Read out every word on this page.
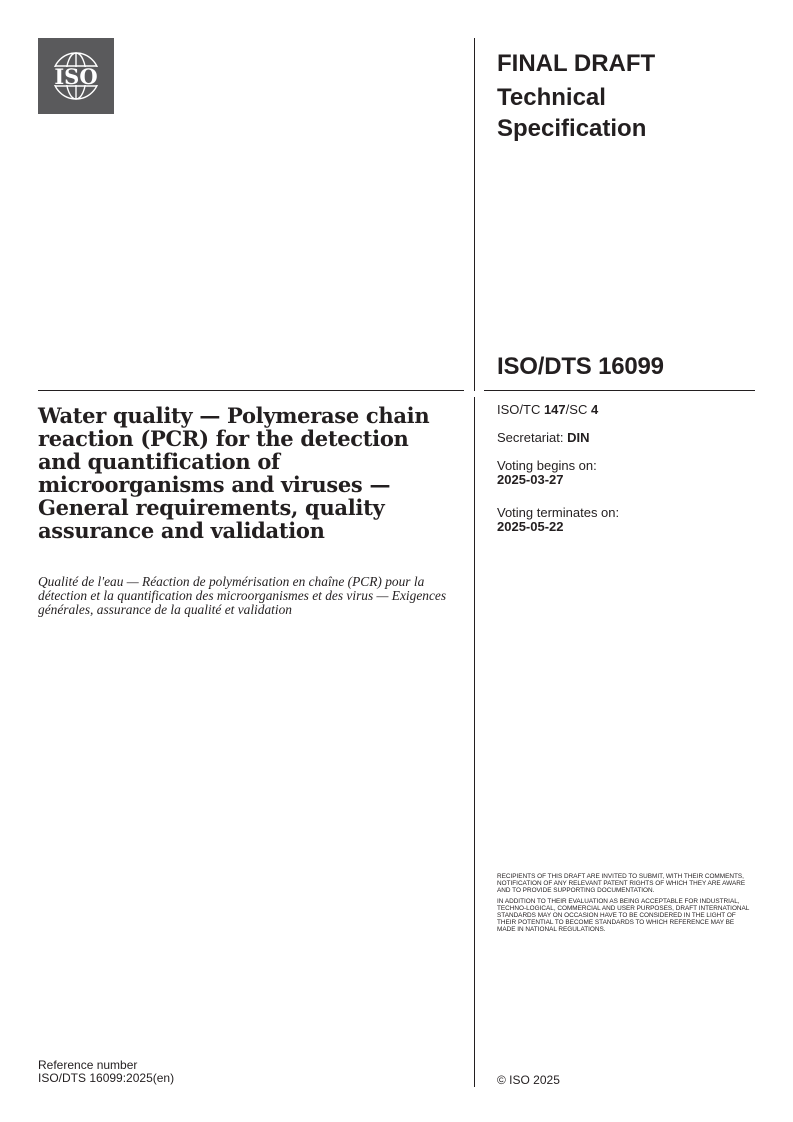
ISO	FINAL DRAFT
Technical
Specification
ISO/DTS 16099
Water quality — Polymerase chain reaction (PCR) for the detection and quantification of microorganisms and viruses — General requirements, quality assurance and validation
Qualité de l'eau — Réaction de polymérisation en chaîne (PCR) pour la détection et la quantification des microorganismes et des virus — Exigences générales, assurance de la qualité et validation
ISO/TC 147/SC 4
Secretariat: DIN
Voting begins on:
2025-03-27
Voting terminates on:
2025-05-22

RECIPIENTS OF THIS DRAFT ARE INVITED TO SUBMIT, WITH THEIR COMMENTS, NOTIFICATION OF ANY RELEVANT PATENT RIGHTS OF WHICH THEY ARE AWARE AND TO PROVIDE SUPPORTING DOCUMENTATION.

IN ADDITION TO THEIR EVALUATION AS BEING ACCEPTABLE FOR INDUSTRIAL, TECHNO-LOGICAL, COMMERCIAL AND USER PURPOSES, DRAFT INTERNATIONAL STANDARDS MAY ON OCCASION HAVE TO BE CONSIDERED IN THE LIGHT OF THEIR POTENTIAL TO BECOME STANDARDS TO WHICH REFERENCE MAY BE MADE IN NATIONAL REGULATIONS.

Reference number
ISO/DTS 16099:2025(en)	© ISO 2025
